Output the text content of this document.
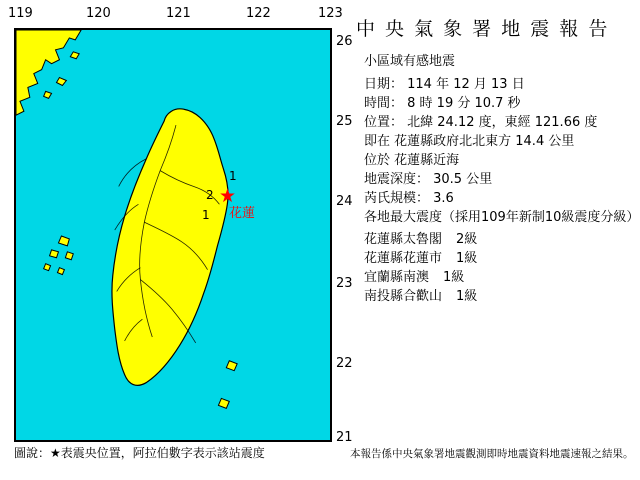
119	120	121	122	123
26
25
24
23
22
21
★
1
2
1 花蓮
圖說：★表震央位置，阿拉伯數字表示該站震度
中 央 氣 象 署 地 震 報 告
小區域有感地震
日期： 114 年 12 月 13 日
時間： 8 時 19 分 10.7 秒
位置： 北緯 24.12 度，東經 121.66 度
即在 花蓮縣政府北北東方 14.4 公里
位於 花蓮縣近海
地震深度： 30.5 公里
芮氏規模： 3.6
各地最大震度（採用109年新制10級震度分級）
花蓮縣太魯閣 2級
花蓮縣花蓮市 1級
宜蘭縣南澳 1級
南投縣合歡山 1級
本報告係中央氣象署地震觀測即時地震資料地震速報之結果。
